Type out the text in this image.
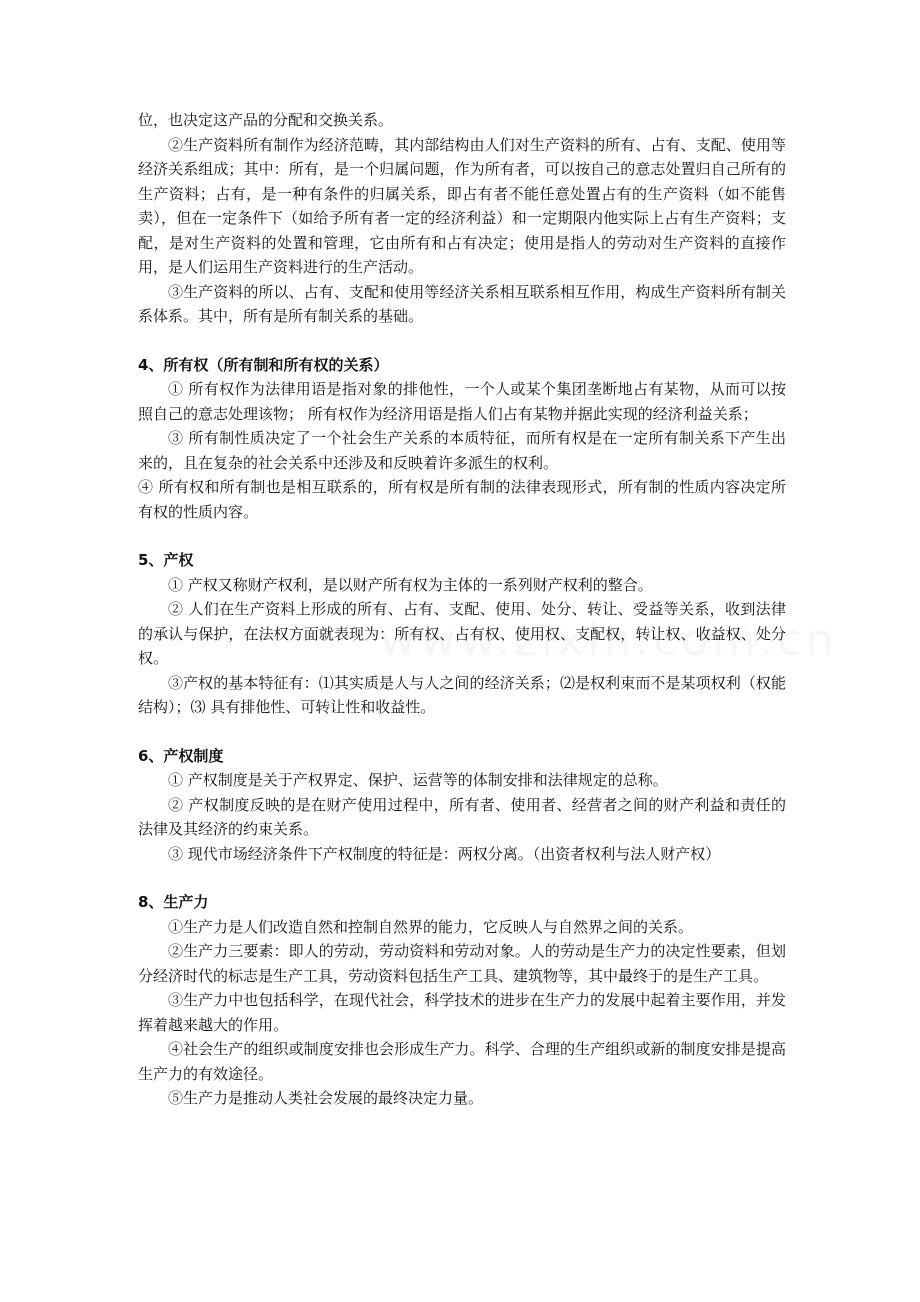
位，也决定这产品的分配和交换关系。

②生产资料所有制作为经济范畴，其内部结构由人们对生产资料的所有、占有、支配、使用等经济关系组成；其中：所有，是一个归属问题，作为所有者，可以按自己的意志处置归自己所有的生产资料；占有，是一种有条件的归属关系，即占有者不能任意处置占有的生产资料（如不能售卖），但在一定条件下（如给予所有者一定的经济利益）和一定期限内他实际上占有生产资料；支配，是对生产资料的处置和管理，它由所有和占有决定；使用是指人的劳动对生产资料的直接作用，是人们运用生产资料进行的生产活动。

③生产资料的所以、占有、支配和使用等经济关系相互联系相互作用，构成生产资料所有制关系体系。其中，所有是所有制关系的基础。

4、所有权（所有制和所有权的关系）

① 所有权作为法律用语是指对象的排他性，一个人或某个集团垄断地占有某物，从而可以按照自己的意志处理该物； 所有权作为经济用语是指人们占有某物并据此实现的经济利益关系；

③ 所有制性质决定了一个社会生产关系的本质特征，而所有权是在一定所有制关系下产生出来的，且在复杂的社会关系中还涉及和反映着许多派生的权利。

④ 所有权和所有制也是相互联系的，所有权是所有制的法律表现形式，所有制的性质内容决定所有权的性质内容。

5、产权

① 产权又称财产权利，是以财产所有权为主体的一系列财产权利的整合。

② 人们在生产资料上形成的所有、占有、支配、使用、处分、转让、受益等关系，收到法律的承认与保护，在法权方面就表现为：所有权、占有权、使用权、支配权，转让权、收益权、处分权。

③产权的基本特征有：⑴其实质是人与人之间的经济关系；⑵是权利束而不是某项权利（权能结构）；⑶ 具有排他性、可转让性和收益性。

6、产权制度

① 产权制度是关于产权界定、保护、运营等的体制安排和法律规定的总称。

② 产权制度反映的是在财产使用过程中，所有者、使用者、经营者之间的财产利益和责任的法律及其经济的约束关系。

③ 现代市场经济条件下产权制度的特征是：两权分离。（出资者权利与法人财产权）

8、生产力

①生产力是人们改造自然和控制自然界的能力，它反映人与自然界之间的关系。

②生产力三要素：即人的劳动，劳动资料和劳动对象。人的劳动是生产力的决定性要素，但划分经济时代的标志是生产工具，劳动资料包括生产工具、建筑物等，其中最终于的是生产工具。

③生产力中也包括科学，在现代社会，科学技术的进步在生产力的发展中起着主要作用，并发挥着越来越大的作用。

④社会生产的组织或制度安排也会形成生产力。科学、合理的生产组织或新的制度安排是提高生产力的有效途径。

⑤生产力是推动人类社会发展的最终决定力量。
